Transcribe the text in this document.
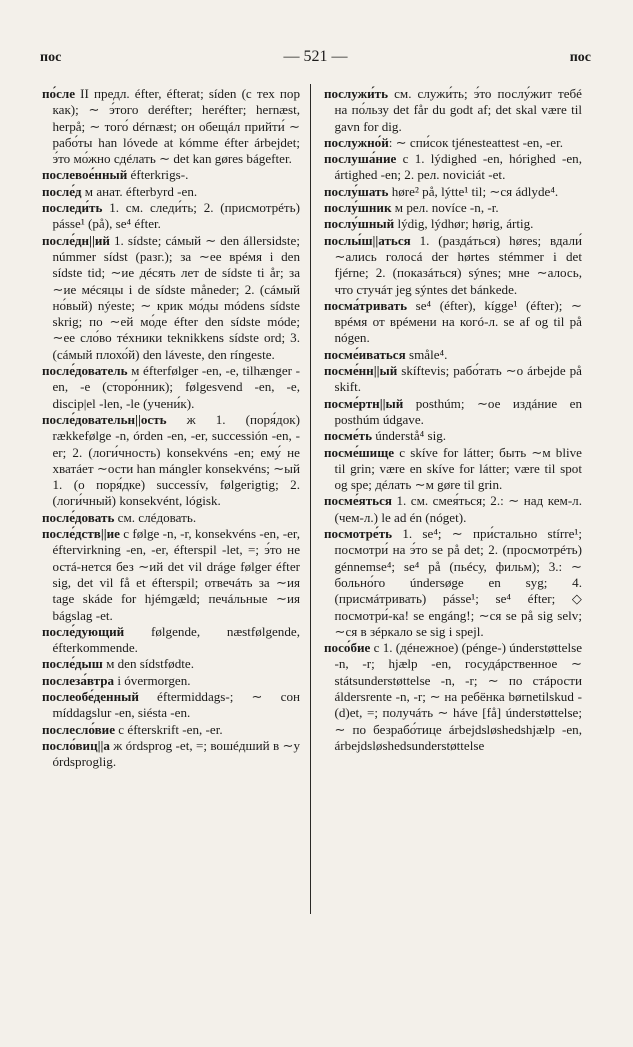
пос	— 521 —	пос

по́сле II предл. éfter, éfterat; síden (с тех пор как); ∼ э́того deréfter; heréfter; hernæst, herpå; ∼ того́ dérnæst; он обещáл прийти́ ∼ рабо́ты han lóvede at kómme éfter árbejdet; э́то мо́жно сдéлать ∼ det kan gøres bágefter.

послевое́нный éfterkrigs-.

после́д м анат. éfterbyrd -en.

последи́ть 1. см. следи́ть; 2. (присмотрéть) pásse¹ (på), se⁴ éfter.

после́дн||ий 1. sídste; сáмый ∼ den állersidste; númmer sídst (разг.); за ∼ее врéмя i den sídste tid; ∼ие дéсять лет de sídste ti år; за ∼ие мéсяцы i de sídste måneder; 2. (сáмый но́вый) nýeste; ∼ крик мо́ды módens sídste skrig; по ∼ей мо́де éfter den sídste móde; ∼ее сло́во тéхники teknikkens sídste ord; 3. (сáмый плохо́й) den láveste, den ríngeste.

после́дователь м éfterfølger -en, -e, tilhænger -en, -e (сторо́нник); følgesvend -en, -e, discip|el -len, -le (учени́к).

после́довательн||ость ж 1. (поря́док) rækkefølge -n, órden -en, -er, successión -en, -er; 2. (логи́чность) konsekvéns -en; ему́ не хватáет ∼ости han mángler konsekvéns; ∼ый 1. (о поря́дке) successív, følgerigtig; 2. (логи́чный) konsekvént, lógisk.

после́довать см. слéдовать.

после́дств||ие с følge -n, -r, konsekvéns -en, -er, éftervirkning -en, -er, éfterspil -let, =; э́то не остá-нется без ∼ий det vil dráge følger éfter sig, det vil få et éfterspil; отвечáть за ∼ия tage skáde for hjémgæld; печáльные ∼ия bágslag -et.

после́дующий følgende, næstfølgende, éfterkommende.

после́дыш м den sídstfødte.

послеза́втра i óvermorgen.

послеобе́денный éftermiddags-; ∼ сон míddagslur -en, siésta -en.

послесло́вие с éfterskrift -en, -er.

посло́виц||а ж órdsprog -et, =; вошéдший в ∼у órdsproglig.

послужи́ть см. служи́ть; э́то послу́жит тебé на по́льзу det får du godt af; det skal være til gavn for dig.

послужно́й: ∼ спи́сок tjénesteattest -en, -er.

послуша́ние с 1. lýdighed -en, hórighed -en, ártighed -en; 2. рел. noviciát -et.

послу́шать høre² på, lýtte¹ til; ∼ся ádlyde⁴.

послу́шник м рел. novíce -n, -r.

послу́шный lýdig, lýdhør; hørig, ártig.

послы́ш||аться 1. (раздáться) høres; вдали́ ∼ались голосá der hørtes stémmer i det fjérne; 2. (показáться) sýnes; мне ∼алось, что стучáт jeg sýntes det bánkede.

посма́тривать se⁴ (éfter), kígge¹ (éfter); ∼ врéмя от врéмени на когó-л. se af og til på nógen.

посме́иваться småle⁴.

посме́нн||ый skíftevis; рабо́тать ∼о árbejde på skift.

посме́ртн||ый posthúm; ∼ое издáние en posthúm údgave.

посме́ть únderstå⁴ sig.

посме́шище с skíve for látter; быть ∼м blive til grin; være en skíve for látter; være til spot og spe; дéлать ∼м gøre til grin.

посме́яться 1. см. смея́ться; 2.: ∼ над кем-л. (чем-л.) le ad én (nóget).

посмотре́ть 1. se⁴; ∼ при́стально stírre¹; посмотри́ на э́то se på det; 2. (просмотрéть) génnemse⁴; se⁴ på (пьéсу, фильм); 3.: ∼ больно́го úndersøge en syg; 4. (присмáтривать) pásse¹; se⁴ éfter; ◇ посмотри́-ка! se engáng!; ∼ся se på sig selv; ∼ся в зéркало se sig i spejl.

посо́бие с 1. (дéнежное) (pénge-) únderstøttelse -n, -r; hjælp -en, госудáрственное ∼ státsunderstøttelse -n, -r; ∼ по стáрости áldersrente -n, -r; ∼ на ребёнка børnetilskud -(d)et, =; получáть ∼ háve [få] únderstøttelse; ∼ по безрабо́тице árbejdsløshedshjælp -en, árbejdsløshedsunderstøttelse
